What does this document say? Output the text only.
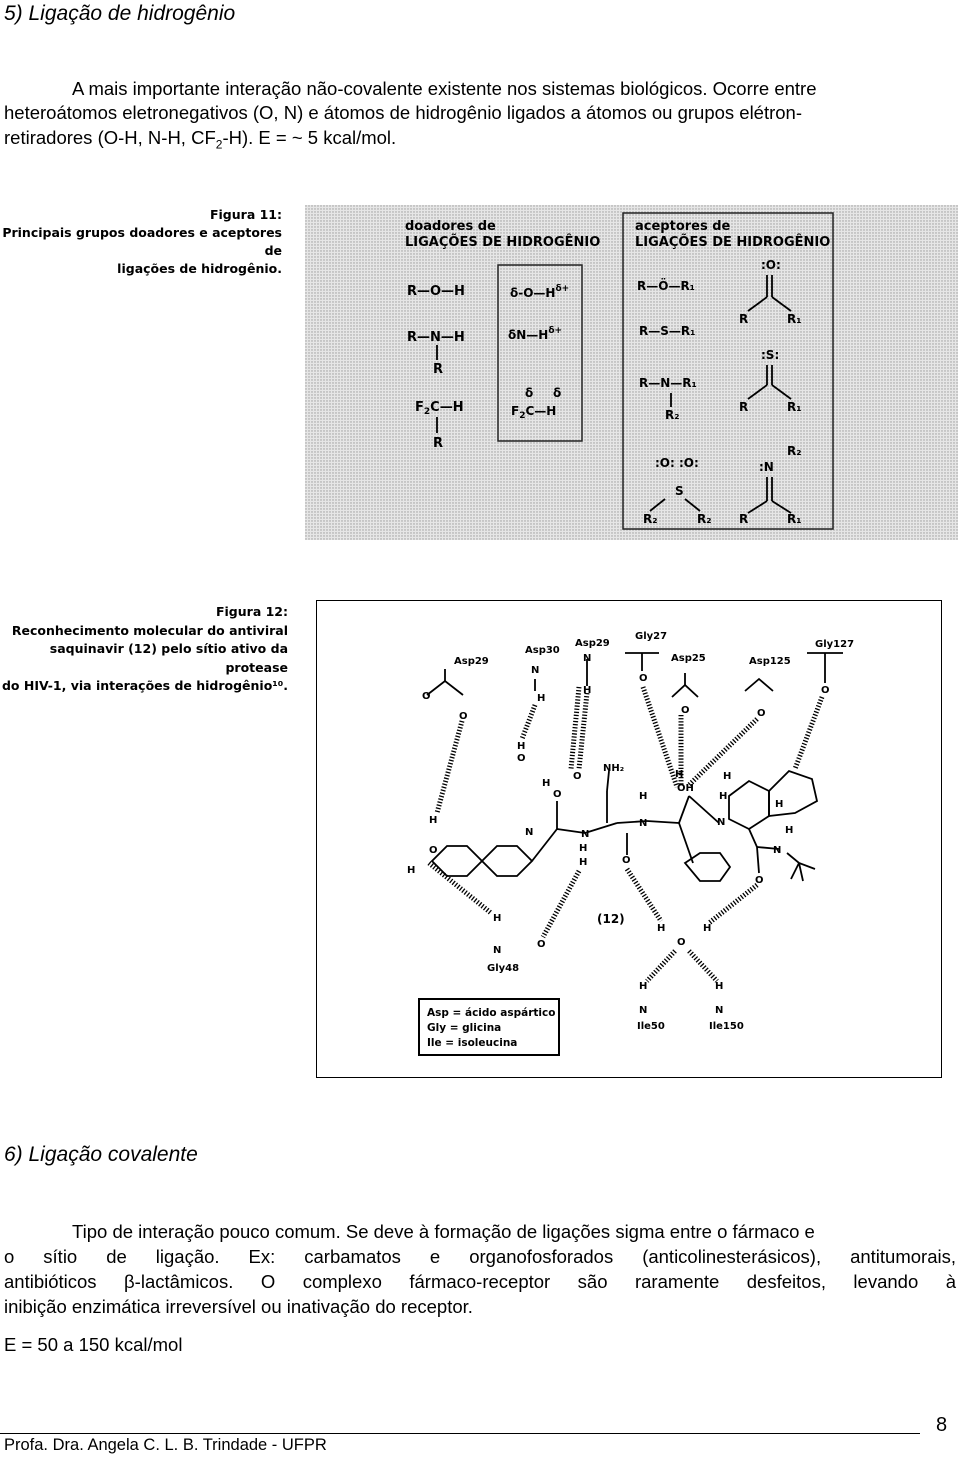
5) Ligação de hidrogênio
A mais importante interação não-covalente existente nos sistemas biológicos. Ocorre entre
heteroátomos eletronegativos (O, N) e átomos de hidrogênio ligados a átomos ou grupos elétron-
retiradores (O-H, N-H, $CF_2-H$). E = ~ 5 kcal/mol.
Figura 11:
Principais grupos doadores e aceptores de
ligações de hidrogênio.
doadores de
LIGAÇÕES DE HIDROGÊNIO
aceptores de
LIGAÇÕES DE HIDROGÊNIO
R—O—H
R—N—H
R
$F_2C—H$
R
$\delta-O—H^{\delta+}$
$\delta N—H^{\delta+}$
δ δ
$F_2C—H$
R—Ö—R₁
R—S—R₁
R—N—R₁
R₂
:O:
R	R₁
:S:
R	R₁
:O: :O:
S
R₂	R₂
R₂
:N
R	R₁
Figura 12:
Reconhecimento molecular do antiviral
saquinavir (12) pelo sítio ativo da protease
do HIV-1, via interações de hidrogênio¹⁰.
Asp29
Asp30
Asp29
Gly27
Asp25	Asp125
Gly127
Gly48
Ile50	Ile150
O
O
N
N
H
O
O	O
O
H
H
O
H
H
N
O
H
O
H
H
N
H
N
N
O
N
H
H
NH₂
O
H
O
H
O
N
H
OH
H
N
H
N
H
O
H
H
(12)
Asp = ácido aspártico
Gly = glicina
Ile = isoleucina
6) Ligação covalente
Tipo de interação pouco comum. Se deve à formação de ligações sigma entre o fármaco e
o sítio de ligação. Ex: carbamatos e organofosforados (anticolinesterásicos), antitumorais,
antibióticos β-lactâmicos. O complexo fármaco-receptor são raramente desfeitos, levando à
inibição enzimática irreversível ou inativação do receptor.
E = 50 a 150 kcal/mol
Profa. Dra. Angela C. L. B. Trindade - UFPR
8
